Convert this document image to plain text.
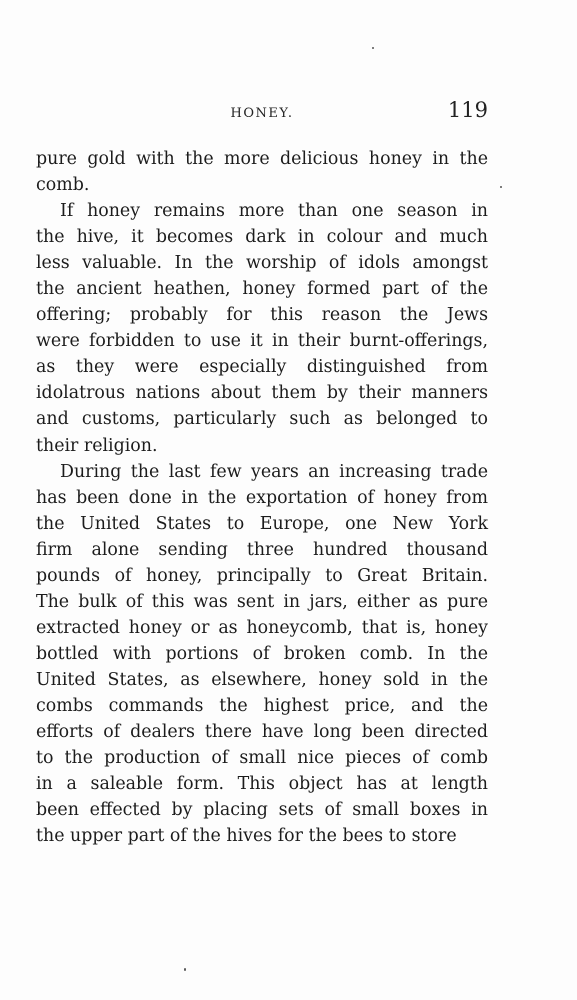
HONEY.	119
pure gold with the more delicious honey in the
comb.
If honey remains more than one season in
the hive, it becomes dark in colour and much
less valuable. In the worship of idols amongst
the ancient heathen, honey formed part of the
offering; probably for this reason the Jews
were forbidden to use it in their burnt-offerings,
as they were especially distinguished from
idolatrous nations about them by their manners
and customs, particularly such as belonged to
their religion.
During the last few years an increasing trade
has been done in the exportation of honey from
the United States to Europe, one New York
firm alone sending three hundred thousand
pounds of honey, principally to Great Britain.
The bulk of this was sent in jars, either as pure
extracted honey or as honeycomb, that is, honey
bottled with portions of broken comb. In the
United States, as elsewhere, honey sold in the
combs commands the highest price, and the
efforts of dealers there have long been directed
to the production of small nice pieces of comb
in a saleable form. This object has at length
been effected by placing sets of small boxes in
the upper part of the hives for the bees to store
